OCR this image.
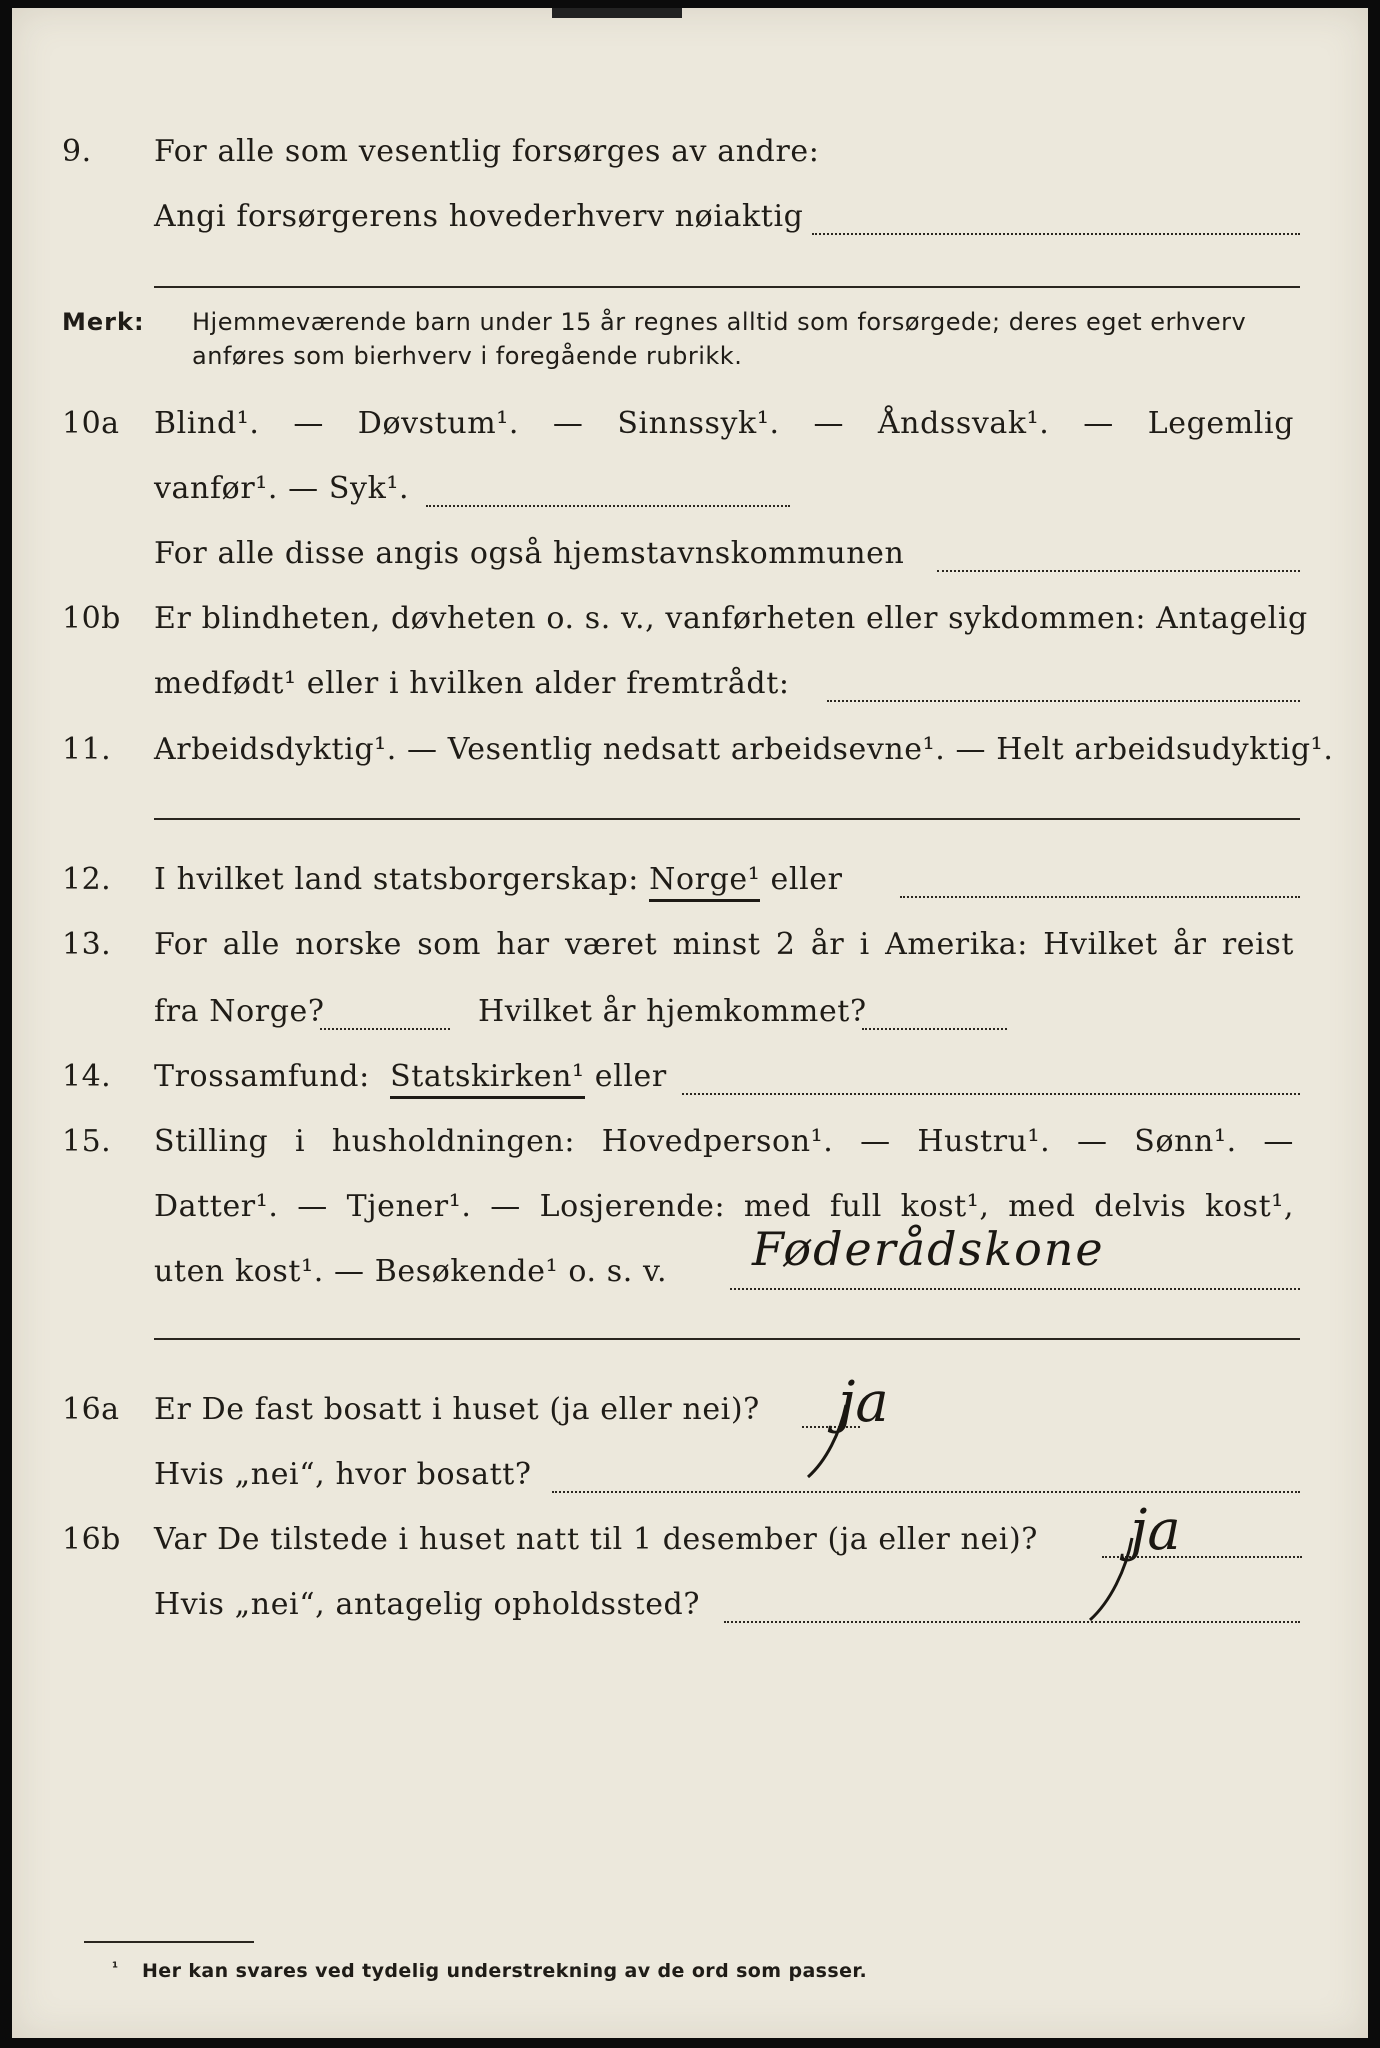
9.	For alle som vesentlig forsørges av andre:
Angi forsørgerens hovederhverv nøiaktig
Merk: Hjemmeværende barn under 15 år regnes alltid som forsørgede; deres eget erhverv
anføres som bierhverv i foregående rubrikk.
10a	Blind¹. — Døvstum¹. — Sinnssyk¹. — Åndssvak¹. — Legemlig
vanfør¹. — Syk¹.
For alle disse angis også hjemstavnskommunen
10b	Er blindheten, døvheten o. s. v., vanførheten eller sykdommen: Antagelig
medfødt¹ eller i hvilken alder fremtrådt:
11.	Arbeidsdyktig¹. — Vesentlig nedsatt arbeidsevne¹. — Helt arbeidsudyktig¹.
12.	I hvilket land statsborgerskap: Norge¹ eller
13.	For alle norske som har været minst 2 år i Amerika: Hvilket år reist
fra Norge?	Hvilket år hjemkommet?
14.	Trossamfund: Statskirken¹ eller
15.	Stilling i husholdningen: Hovedperson¹. — Hustru¹. — Sønn¹. —
Datter¹. — Tjener¹. — Losjerende: med full kost¹, med delvis kost¹,
uten kost¹. — Besøkende¹ o. s. v. Føderådskone
16a	Er De fast bosatt i huset (ja eller nei)? ja
Hvis „nei“, hvor bosatt?
16b	Var De tilstede i huset natt til 1 desember (ja eller nei)? ja
Hvis „nei“, antagelig opholdssted?
¹ Her kan svares ved tydelig understrekning av de ord som passer.
